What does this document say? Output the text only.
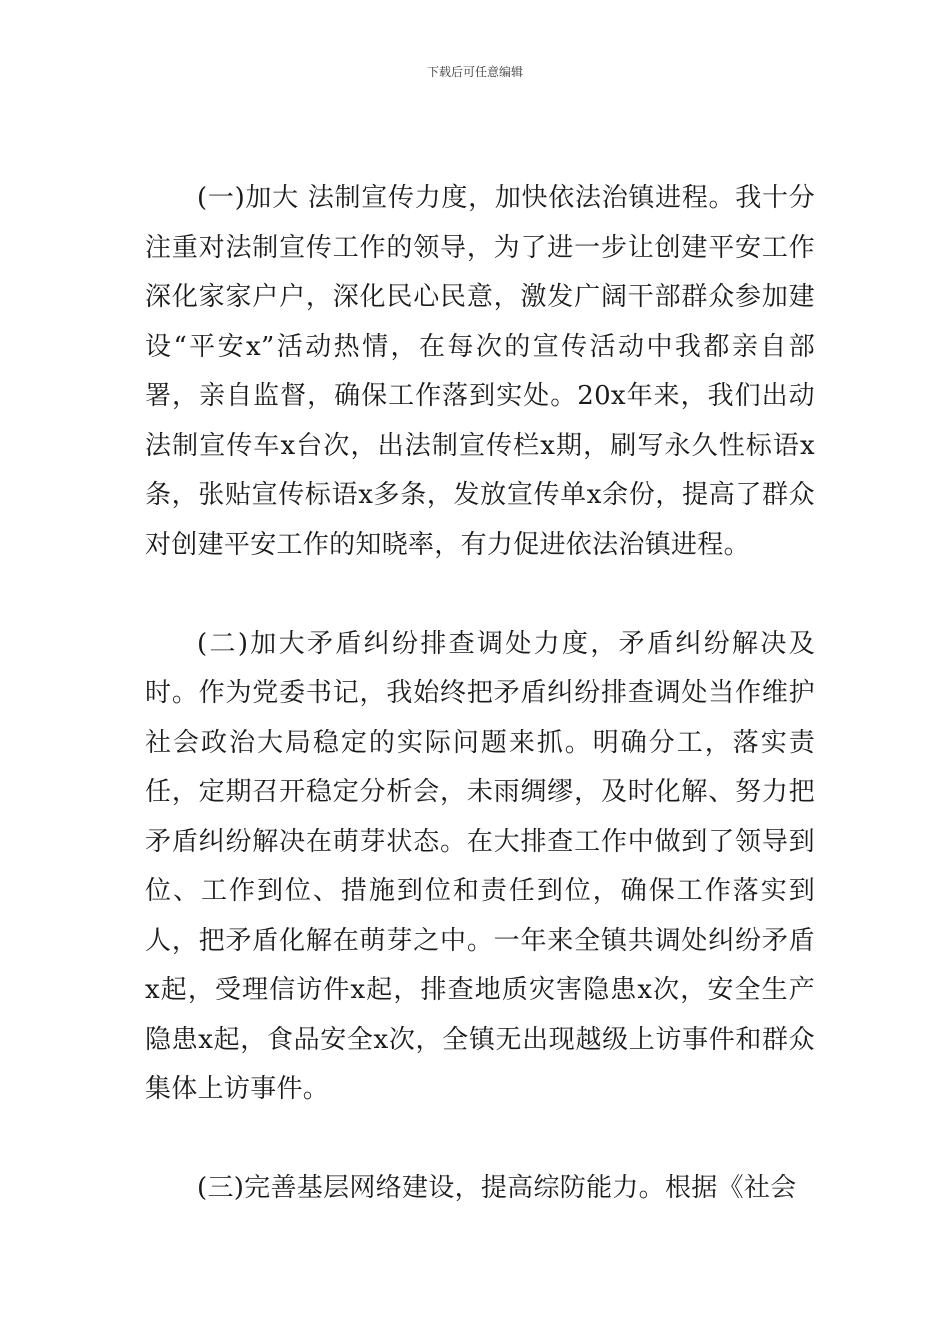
下载后可任意编辑

(一)加大 法制宣传力度，加快依法治镇进程。我十分注重对法制宣传工作的领导，为了进一步让创建平安工作深化家家户户，深化民心民意，激发广阔干部群众参加建设“平安x”活动热情，在每次的宣传活动中我都亲自部署，亲自监督，确保工作落到实处。20x年来，我们出动法制宣传车x台次，出法制宣传栏x期，刷写永久性标语x条，张贴宣传标语x多条，发放宣传单x余份，提高了群众对创建平安工作的知晓率，有力促进依法治镇进程。

(二)加大矛盾纠纷排查调处力度，矛盾纠纷解决及时。作为党委书记，我始终把矛盾纠纷排查调处当作维护社会政治大局稳定的实际问题来抓。明确分工，落实责任，定期召开稳定分析会，未雨绸缪，及时化解、努力把矛盾纠纷解决在萌芽状态。在大排查工作中做到了领导到位、工作到位、措施到位和责任到位，确保工作落实到人，把矛盾化解在萌芽之中。一年来全镇共调处纠纷矛盾x起，受理信访件x起，排查地质灾害隐患x次，安全生产隐患x起，食品安全x次，全镇无出现越级上访事件和群众集体上访事件。

(三)完善基层网络建设，提高综防能力。根据《社会
